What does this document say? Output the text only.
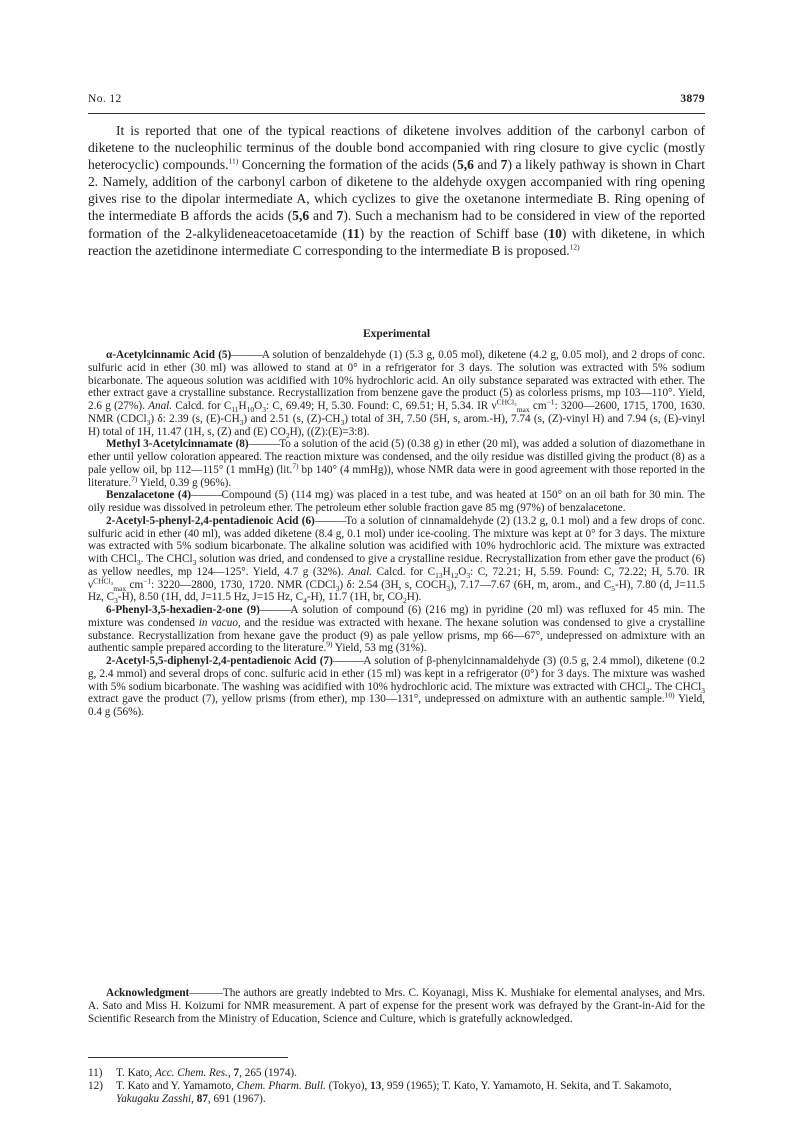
No. 12	3879

It is reported that one of the typical reactions of diketene involves addition of the carbonyl carbon of diketene to the nucleophilic terminus of the double bond accompanied with ring closure to give cyclic (mostly heterocyclic) compounds.$^{11)}$ Concerning the formation of the acids (5,6 and 7) a likely pathway is shown in Chart 2. Namely, addition of the carbonyl carbon of diketene to the aldehyde oxygen accompanied with ring opening gives rise to the dipolar intermediate A, which cyclizes to give the oxetanone intermediate B. Ring opening of the intermediate B affords the acids (5,6 and 7). Such a mechanism had to be considered in view of the reported formation of the 2-alkylideneacetoacetamide (11) by the reaction of Schiff base (10) with diketene, in which reaction the azetidinone intermediate C corresponding to the intermediate B is proposed.$^{12)}$

Experimental

α-Acetylcinnamic Acid (5)———A solution of benzaldehyde (1) (5.3 g, 0.05 mol), diketene (4.2 g, 0.05 mol), and 2 drops of conc. sulfuric acid in ether (30 ml) was allowed to stand at 0° in a refrigerator for 3 days. The solution was extracted with 5% sodium bicarbonate. The aqueous solution was acidified with 10% hydrochloric acid. An oily substance separated was extracted with ether. The ether extract gave a crystalline substance. Recrystallization from benzene gave the product (5) as colorless prisms, mp 103—110°. Yield, 2.6 g (27%). Anal. Calcd. for $C_{11}H_{10}O_3$: C, 69.49; H, 5.30. Found: C, 69.51; H, 5.34. IR $\nu^{CHCl_3}_{max}$ $cm^{-1}$: 3200—2600, 1715, 1700, 1630. NMR (CDCl$_3$) δ: 2.39 (s, $(E)-CH_3$) and 2.51 (s, $(Z)-CH_3$) total of 3H, 7.50 (5H, s, arom.-H), 7.74 (s, (Z)-vinyl H) and 7.94 (s, (E)-vinyl H) total of 1H, 11.47 (1H, s, (Z) and (E) $CO_2H$), ((Z):(E)=3:8).

Methyl 3-Acetylcinnamate (8)———To a solution of the acid (5) (0.38 g) in ether (20 ml), was added a solution of diazomethane in ether until yellow coloration appeared. The reaction mixture was condensed, and the oily residue was distilled giving the product (8) as a pale yellow oil, bp 112—115° (1 mmHg) (lit.$^{7)}$ bp 140° (4 mmHg)), whose NMR data were in good agreement with those reported in the literature.$^{7)}$ Yield, 0.39 g (96%).

Benzalacetone (4)———Compound (5) (114 mg) was placed in a test tube, and was heated at 150° on an oil bath for 30 min. The oily residue was dissolved in petroleum ether. The petroleum ether soluble fraction gave 85 mg (97%) of benzalacetone.

2-Acetyl-5-phenyl-2,4-pentadienoic Acid (6)———To a solution of cinnamaldehyde (2) (13.2 g, 0.1 mol) and a few drops of conc. sulfuric acid in ether (40 ml), was added diketene (8.4 g, 0.1 mol) under ice-cooling. The mixture was kept at 0° for 3 days. The mixture was extracted with 5% sodium bicarbonate. The alkaline solution was acidified with 10% hydrochloric acid. The mixture was extracted with CHCl$_3$. The CHCl$_3$ solution was dried, and condensed to give a crystalline residue. Recrystallization from ether gave the product (6) as yellow needles, mp 124—125°. Yield, 4.7 g (32%). Anal. Calcd. for $C_{13}H_{12}O_3$: C, 72.21; H, 5.59. Found: C, 72.22; H, 5.70. IR $\nu^{CHCl_3}_{max}$ $cm^{-1}$: 3220—2800, 1730, 1720. NMR (CDCl$_3$) δ: 2.54 (3H, s, $COCH_3$), 7.17—7.67 (6H, m, arom., and $C_5-H$), 7.80 (d, J=11.5 Hz, $C_3-H$), 8.50 (1H, dd, J=11.5 Hz, J=15 Hz, $C_4-H$), 11.7 (1H, br, $CO_2H$).

6-Phenyl-3,5-hexadien-2-one (9)———A solution of compound (6) (216 mg) in pyridine (20 ml) was refluxed for 45 min. The mixture was condensed in vacuo, and the residue was extracted with hexane. The hexane solution was condensed to give a crystalline substance. Recrystallization from hexane gave the product (9) as pale yellow prisms, mp 66—67°, undepressed on admixture with an authentic sample prepared according to the literature.$^{9)}$ Yield, 53 mg (31%).

2-Acetyl-5,5-diphenyl-2,4-pentadienoic Acid (7)———A solution of β-phenylcinnamaldehyde (3) (0.5 g, 2.4 mmol), diketene (0.2 g, 2.4 mmol) and several drops of conc. sulfuric acid in ether (15 ml) was kept in a refrigerator (0°) for 3 days. The mixture was washed with 5% sodium bicarbonate. The washing was acidified with 10% hydrochloric acid. The mixture was extracted with CHCl$_3$. The CHCl$_3$ extract gave the product (7), yellow prisms (from ether), mp 130—131°, undepressed on admixture with an authentic sample.$^{10)}$ Yield, 0.4 g (56%).

Acknowledgment———The authors are greatly indebted to Mrs. C. Koyanagi, Miss K. Mushiake for elemental analyses, and Mrs. A. Sato and Miss H. Koizumi for NMR measurement. A part of expense for the present work was defrayed by the Grant-in-Aid for the Scientific Research from the Ministry of Education, Science and Culture, which is gratefully acknowledged.

11) T. Kato, Acc. Chem. Res., 7, 265 (1974).
12) T. Kato and Y. Yamamoto, Chem. Pharm. Bull. (Tokyo), 13, 959 (1965); T. Kato, Y. Yamamoto, H. Sekita, and T. Sakamoto, Yakugaku Zasshi, 87, 691 (1967).
